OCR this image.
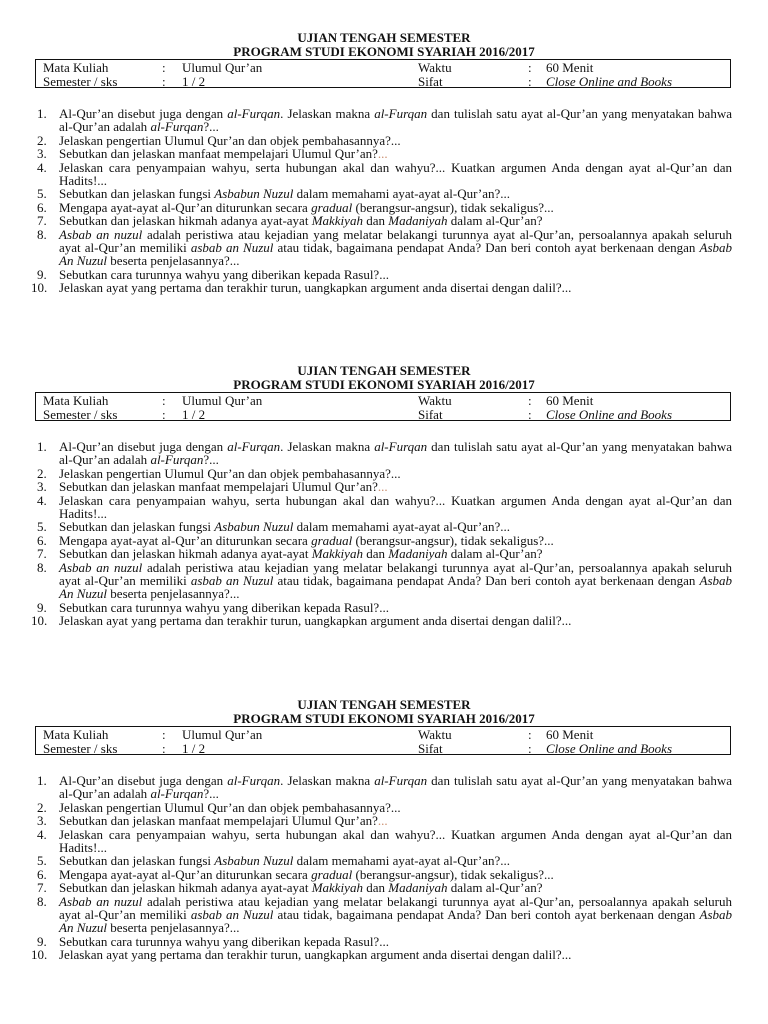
UJIAN TENGAH SEMESTER
PROGRAM STUDI EKONOMI SYARIAH 2016/2017
Mata Kuliah	: Ulumul Qur’an	Waktu	: 60 Menit
Semester / sks	: 1 / 2	Sifat	: Close Online and Books
1. Al-Qur’an disebut juga dengan al-Furqan. Jelaskan makna al-Furqan dan tulislah satu ayat al-Qur’an yang menyatakan bahwa al-Qur’an adalah al-Furqan?...
2. Jelaskan pengertian Ulumul Qur’an dan objek pembahasannya?...
3. Sebutkan dan jelaskan manfaat mempelajari Ulumul Qur’an?...
4. Jelaskan cara penyampaian wahyu, serta hubungan akal dan wahyu?... Kuatkan argumen Anda dengan ayat al-Qur’an dan Hadits!...
5. Sebutkan dan jelaskan fungsi Asbabun Nuzul dalam memahami ayat-ayat al-Qur’an?...
6. Mengapa ayat-ayat al-Qur’an diturunkan secara gradual (berangsur-angsur), tidak sekaligus?...
7. Sebutkan dan jelaskan hikmah adanya ayat-ayat Makkiyah dan Madaniyah dalam al-Qur’an?
8. Asbab an nuzul adalah peristiwa atau kejadian yang melatar belakangi turunnya ayat al-Qur’an, persoalannya apakah seluruh ayat al-Qur’an memiliki asbab an Nuzul atau tidak, bagaimana pendapat Anda? Dan beri contoh ayat berkenaan dengan Asbab An Nuzul beserta penjelasannya?...
9. Sebutkan cara turunnya wahyu yang diberikan kepada Rasul?...
10. Jelaskan ayat yang pertama dan terakhir turun, uangkapkan argument anda disertai dengan dalil?...
UJIAN TENGAH SEMESTER
PROGRAM STUDI EKONOMI SYARIAH 2016/2017
Mata Kuliah	: Ulumul Qur’an	Waktu	: 60 Menit
Semester / sks	: 1 / 2	Sifat	: Close Online and Books
1. Al-Qur’an disebut juga dengan al-Furqan. Jelaskan makna al-Furqan dan tulislah satu ayat al-Qur’an yang menyatakan bahwa al-Qur’an adalah al-Furqan?...
2. Jelaskan pengertian Ulumul Qur’an dan objek pembahasannya?...
3. Sebutkan dan jelaskan manfaat mempelajari Ulumul Qur’an?...
4. Jelaskan cara penyampaian wahyu, serta hubungan akal dan wahyu?... Kuatkan argumen Anda dengan ayat al-Qur’an dan Hadits!...
5. Sebutkan dan jelaskan fungsi Asbabun Nuzul dalam memahami ayat-ayat al-Qur’an?...
6. Mengapa ayat-ayat al-Qur’an diturunkan secara gradual (berangsur-angsur), tidak sekaligus?...
7. Sebutkan dan jelaskan hikmah adanya ayat-ayat Makkiyah dan Madaniyah dalam al-Qur’an?
8. Asbab an nuzul adalah peristiwa atau kejadian yang melatar belakangi turunnya ayat al-Qur’an, persoalannya apakah seluruh ayat al-Qur’an memiliki asbab an Nuzul atau tidak, bagaimana pendapat Anda? Dan beri contoh ayat berkenaan dengan Asbab An Nuzul beserta penjelasannya?...
9. Sebutkan cara turunnya wahyu yang diberikan kepada Rasul?...
10. Jelaskan ayat yang pertama dan terakhir turun, uangkapkan argument anda disertai dengan dalil?...
UJIAN TENGAH SEMESTER
PROGRAM STUDI EKONOMI SYARIAH 2016/2017
Mata Kuliah	: Ulumul Qur’an	Waktu	: 60 Menit
Semester / sks	: 1 / 2	Sifat	: Close Online and Books
1. Al-Qur’an disebut juga dengan al-Furqan. Jelaskan makna al-Furqan dan tulislah satu ayat al-Qur’an yang menyatakan bahwa al-Qur’an adalah al-Furqan?...
2. Jelaskan pengertian Ulumul Qur’an dan objek pembahasannya?...
3. Sebutkan dan jelaskan manfaat mempelajari Ulumul Qur’an?...
4. Jelaskan cara penyampaian wahyu, serta hubungan akal dan wahyu?... Kuatkan argumen Anda dengan ayat al-Qur’an dan Hadits!...
5. Sebutkan dan jelaskan fungsi Asbabun Nuzul dalam memahami ayat-ayat al-Qur’an?...
6. Mengapa ayat-ayat al-Qur’an diturunkan secara gradual (berangsur-angsur), tidak sekaligus?...
7. Sebutkan dan jelaskan hikmah adanya ayat-ayat Makkiyah dan Madaniyah dalam al-Qur’an?
8. Asbab an nuzul adalah peristiwa atau kejadian yang melatar belakangi turunnya ayat al-Qur’an, persoalannya apakah seluruh ayat al-Qur’an memiliki asbab an Nuzul atau tidak, bagaimana pendapat Anda? Dan beri contoh ayat berkenaan dengan Asbab An Nuzul beserta penjelasannya?...
9. Sebutkan cara turunnya wahyu yang diberikan kepada Rasul?...
10. Jelaskan ayat yang pertama dan terakhir turun, uangkapkan argument anda disertai dengan dalil?...
